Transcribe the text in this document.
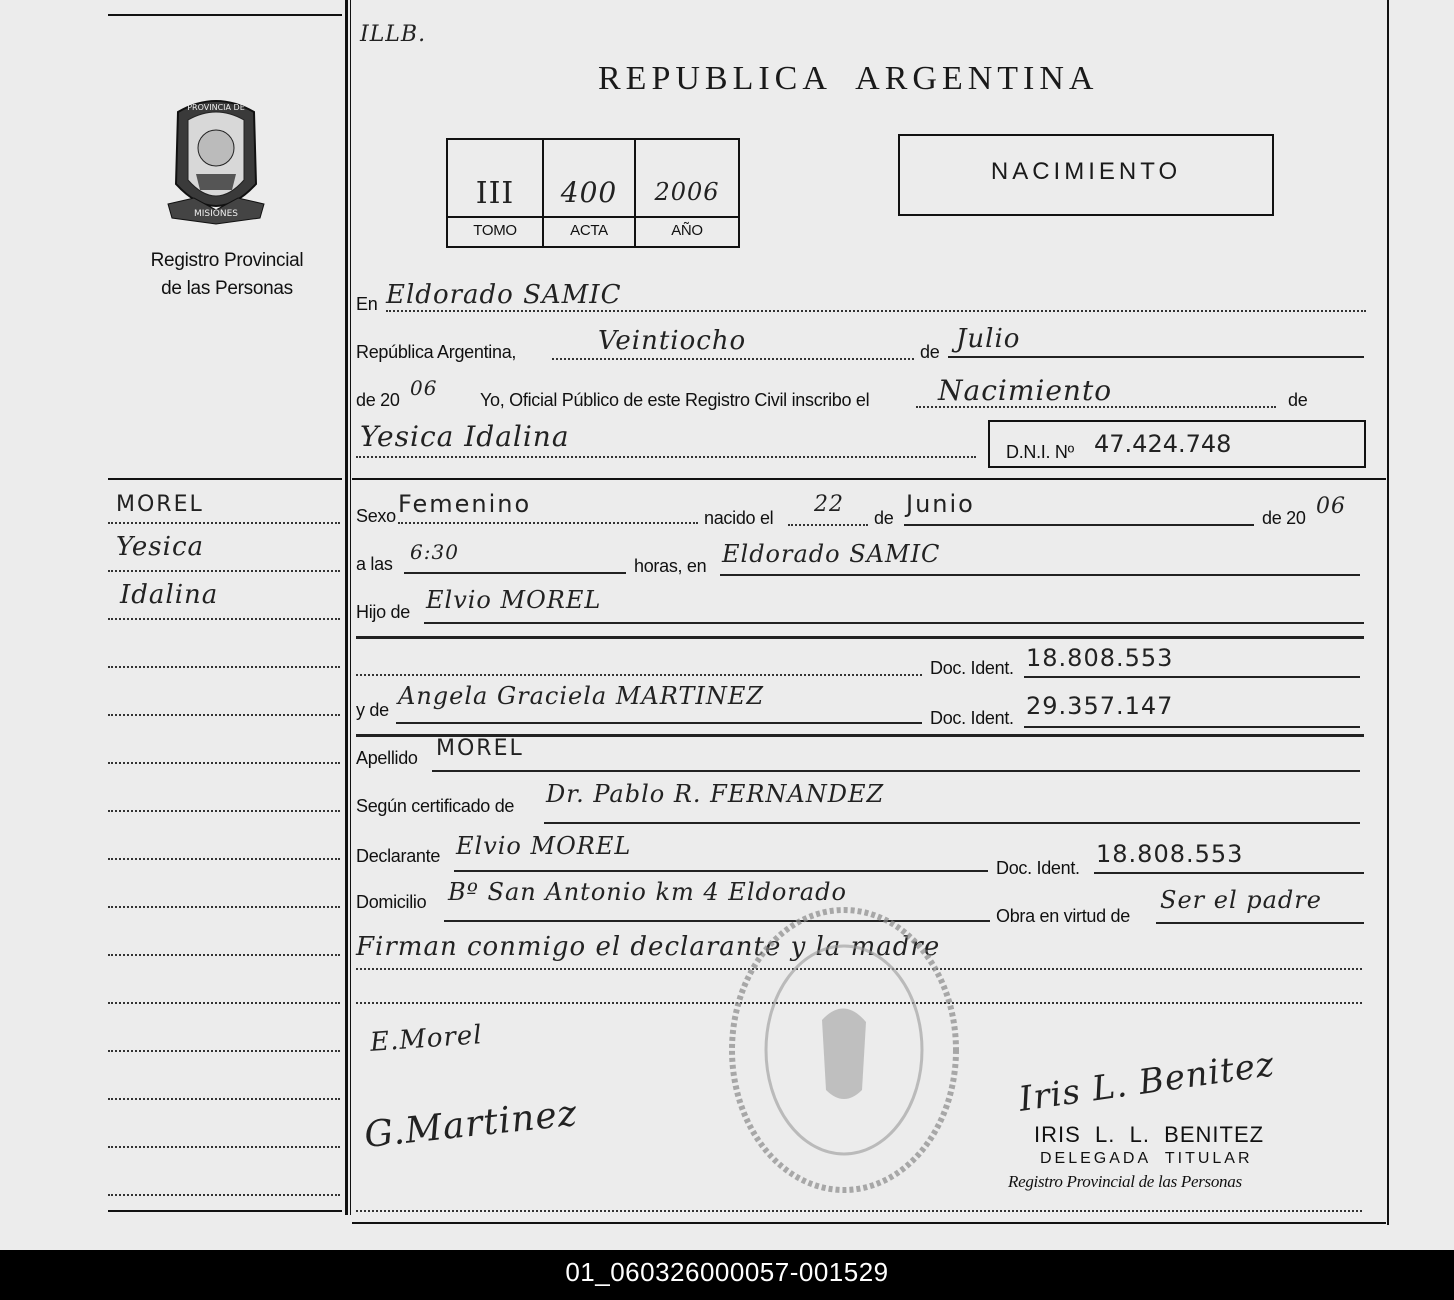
PROVINCIA DE
MISIONES
Registro Provincial
de las Personas
ILLB.
REPUBLICA  ARGENTINA
III	400	2006
TOMO	ACTA	AÑO
NACIMIENTO
MOREL
Yesica
Idalina
En Eldorado SAMIC
República Argentina,	Veintiocho	de Julio
de 20 06 Yo, Oficial Público de este Registro Civil inscribo el Nacimiento	de
Yesica Idalina	D.N.I. Nº 47.424.748
Sexo Femenino	nacido el
22
de Junio	de 20 06
a las 6:30
horas, en Eldorado SAMIC
Hijo de Elvio MOREL
Doc. Ident. 18.808.553
y de Angela Graciela MARTINEZ
Doc. Ident. 29.357.147
Apellido MOREL
Según certificado de Dr. Pablo R. FERNANDEZ
Declarante Elvio MOREL
Doc. Ident. 18.808.553
Domicilio Bº San Antonio km 4 Eldorado
Obra en virtud de
Ser el padre
Firman conmigo el declarante y la madre
E.Morel
G.Martinez
Iris L. Benitez
IRIS  L.  L.  BENITEZ
DELEGADA  TITULAR
Registro Provincial de las Personas
01_060326000057-001529
